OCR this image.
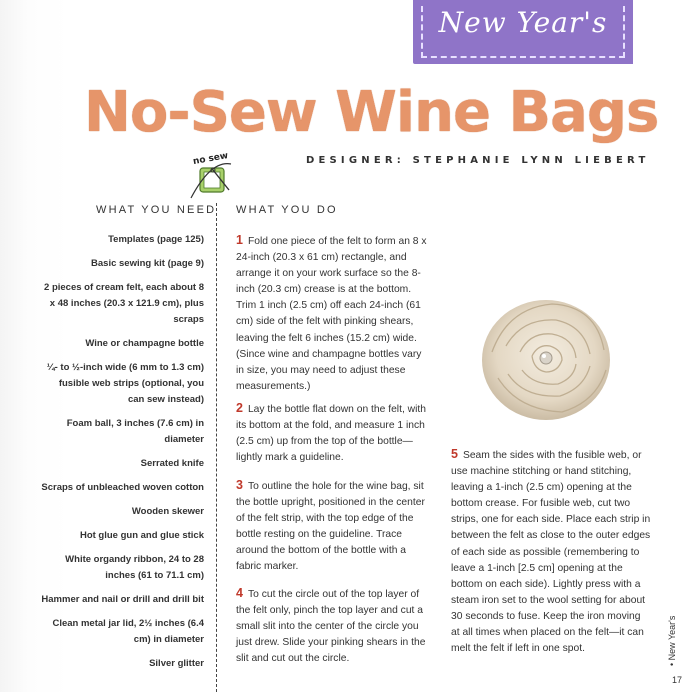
New Year's
No-Sew Wine Bags
no sew	DESIGNER: STEPHANIE LYNN LIEBERT
WHAT YOU NEED WHAT YOU DO
Templates (page 125)
Basic sewing kit (page 9)
2 pieces of cream felt, each about 8 x 48 inches (20.3 x 121.9 cm), plus scraps
Wine or champagne bottle
¼- to ½-inch wide (6 mm to 1.3 cm) fusible web strips (optional, you can sew instead)
Foam ball, 3 inches (7.6 cm) in diameter
Serrated knife
Scraps of unbleached woven cotton
Wooden skewer
Hot glue gun and glue stick
White organdy ribbon, 24 to 28 inches (61 to 71.1 cm)
Hammer and nail or drill and drill bit
Clean metal jar lid, 2½ inches (6.4 cm) in diameter
Silver glitter
1 Fold one piece of the felt to form an 8 x 24-inch (20.3 x 61 cm) rectangle, and arrange it on your work surface so the 8-inch (20.3 cm) crease is at the bottom. Trim 1 inch (2.5 cm) off each 24-inch (61 cm) side of the felt with pinking shears, leaving the felt 6 inches (15.2 cm) wide. (Since wine and champagne bottles vary in size, you may need to adjust these measurements.)
2 Lay the bottle flat down on the felt, with its bottom at the fold, and measure 1 inch (2.5 cm) up from the top of the bottle—lightly mark a guideline.
3 To outline the hole for the wine bag, sit the bottle upright, positioned in the center of the felt strip, with the top edge of the bottle resting on the guideline. Trace around the bottom of the bottle with a fabric marker.
4 To cut the circle out of the top layer of the felt only, pinch the top layer and cut a small slit into the center of the circle you just drew. Slide your pinking shears in the slit and cut out the circle.
5 Seam the sides with the fusible web, or use machine stitching or hand stitching, leaving a 1-inch (2.5 cm) opening at the bottom crease. For fusible web, cut two strips, one for each side. Place each strip in between the felt as close to the outer edges of each side as possible (remembering to leave a 1-inch [2.5 cm] opening at the bottom on each side). Lightly press with a steam iron set to the wool setting for about 30 seconds to fuse. Keep the iron moving at all times when placed on the felt—it can melt the felt if left in one spot.	• New Year's
17
